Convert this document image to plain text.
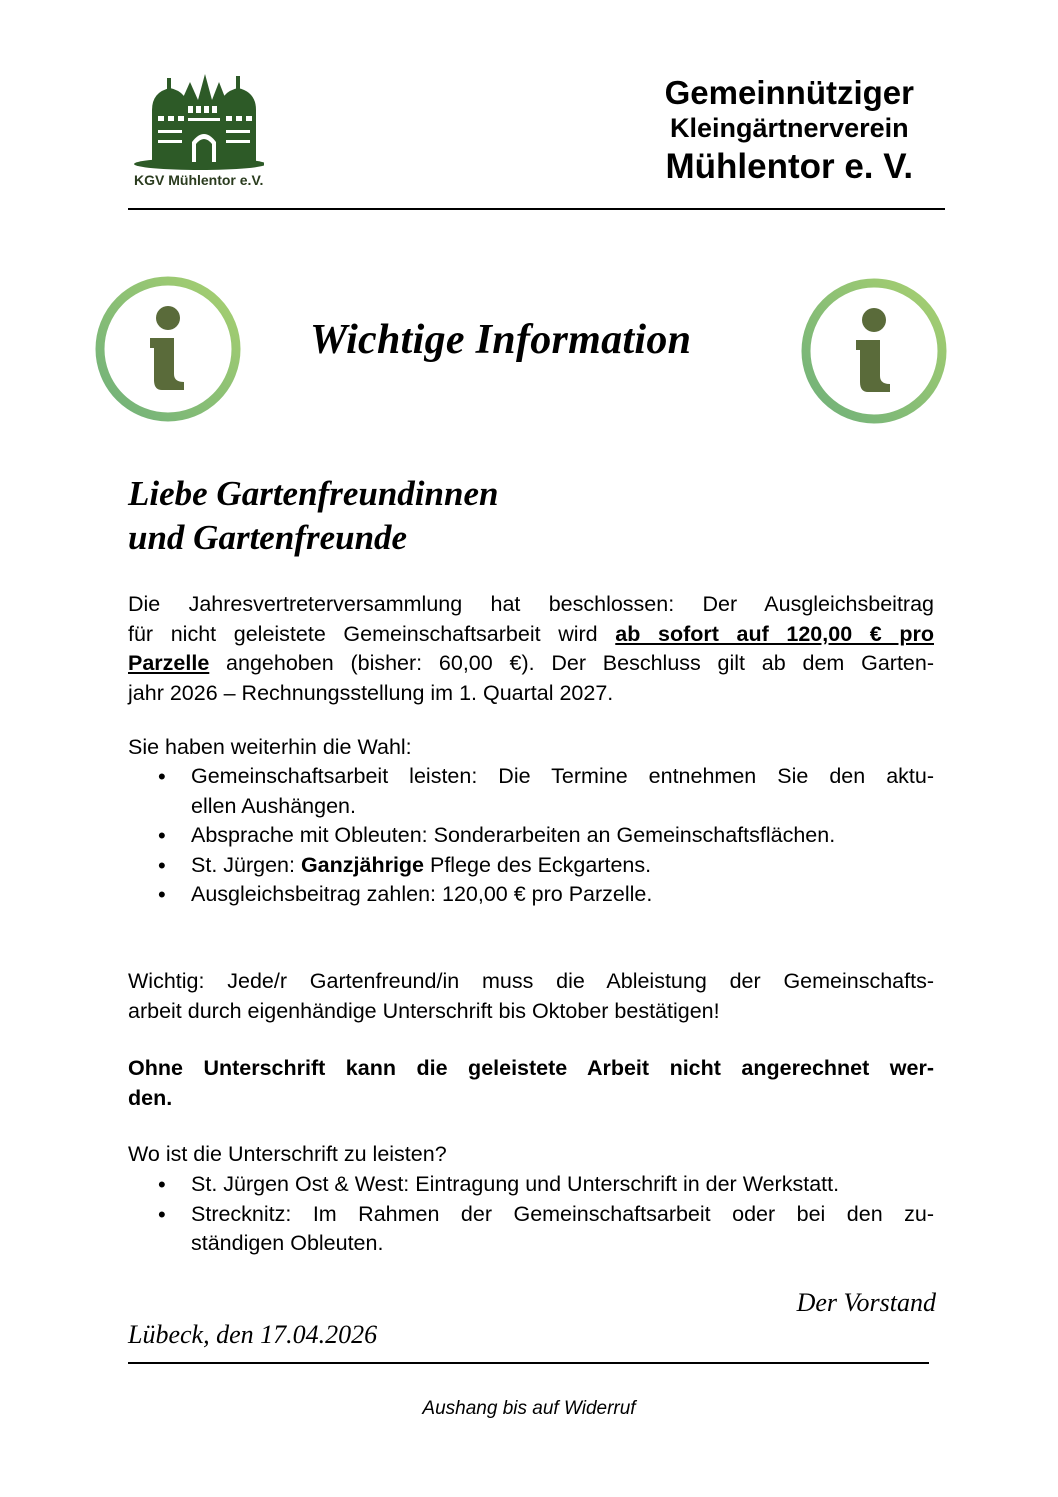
KGV Mühlentor e.V.
Gemeinnütziger
Kleingärtnerverein
Mühlentor e. V.
Wichtige Information
Liebe Gartenfreundinnen
und Gartenfreunde
Die Jahresvertreterversammlung hat beschlossen: Der Ausgleichsbeitrag
für nicht geleistete Gemeinschaftsarbeit wird ab sofort auf 120,00 € pro
Parzelle angehoben (bisher: 60,00 €). Der Beschluss gilt ab dem Garten-
jahr 2026 – Rechnungsstellung im 1. Quartal 2027.
Sie haben weiterhin die Wahl:
• Gemeinschaftsarbeit leisten: Die Termine entnehmen Sie den aktu-
ellen Aushängen.
• Absprache mit Obleuten: Sonderarbeiten an Gemeinschaftsflächen.
• St. Jürgen: Ganzjährige Pflege des Eckgartens.
• Ausgleichsbeitrag zahlen: 120,00 € pro Parzelle.
Wichtig: Jede/r Gartenfreund/in muss die Ableistung der Gemeinschafts-
arbeit durch eigenhändige Unterschrift bis Oktober bestätigen!
Ohne Unterschrift kann die geleistete Arbeit nicht angerechnet wer-
den.
Wo ist die Unterschrift zu leisten?
• St. Jürgen Ost & West: Eintragung und Unterschrift in der Werkstatt.
• Strecknitz: Im Rahmen der Gemeinschaftsarbeit oder bei den zu-
ständigen Obleuten.
Der Vorstand
Lübeck, den 17.04.2026
Aushang bis auf Widerruf
